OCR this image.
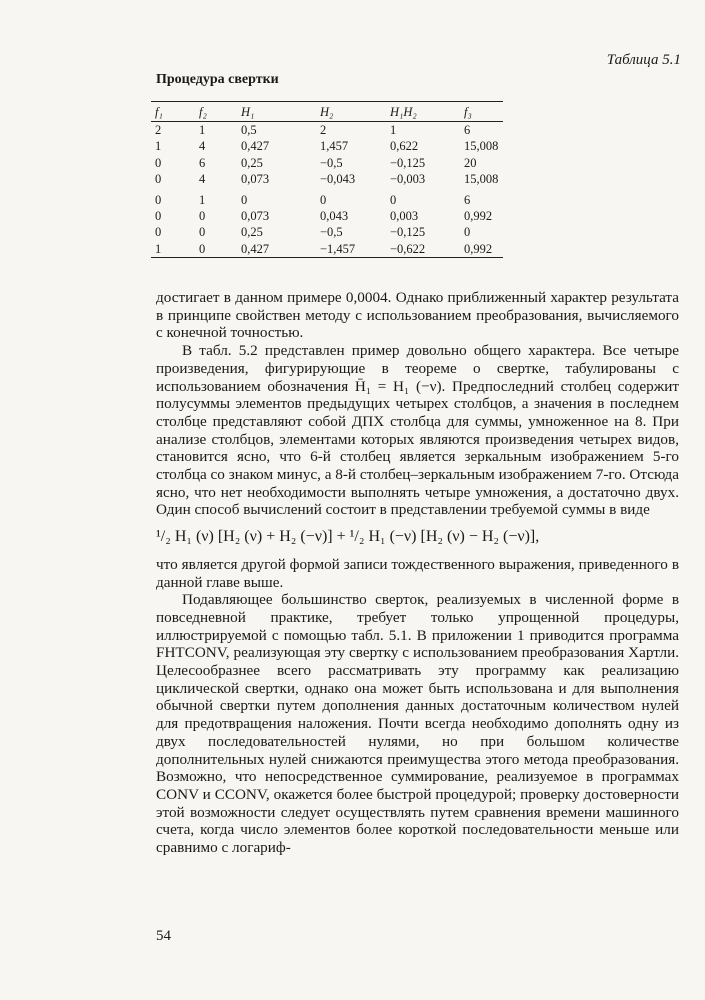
Таблица 5.1
Процедура свертки
f₁	f₂	H₁	H₂	H₁H₂	f₃
2	1	0,5	2	1	6
1	4	0,427	1,457	0,622	15,008
0	6	0,25	−0,5	−0,125	20
0	4	0,073	−0,043	−0,003	15,008
0	1	0	0	0	6
0	0	0,073	0,043	0,003	0,992
0	0	0,25	−0,5	−0,125	0
1	0	0,427	−1,457	−0,622	0,992

достигает в данном примере 0,0004. Однако приближенный характер результата в принципе свойствен методу с использованием преобразования, вычисляемого с конечной точностью.

В табл. 5.2 представлен пример довольно общего характера. Все четыре произведения, фигурирующие в теореме о свертке, табулированы с использованием обозначения H̄₁ = H₁ (−ν). Предпоследний столбец содержит полусуммы элементов предыдущих четырех столбцов, а значения в последнем столбце представляют собой ДПХ столбца для суммы, умноженное на 8. При анализе столбцов, элементами которых являются произведения четырех видов, становится ясно, что 6-й столбец является зеркальным изображением 5-го столбца со знаком минус, а 8-й столбец–зеркальным изображением 7-го. Отсюда ясно, что нет необходимости выполнять четыре умножения, а достаточно двух. Один способ вычислений состоит в представлении требуемой суммы в виде

¹/₂ H₁ (ν) [H₂ (ν) + H₂ (−ν)] + ¹/₂ H₁ (−ν) [H₂ (ν) − H₂ (−ν)],

что является другой формой записи тождественного выражения, приведенного в данной главе выше.

Подавляющее большинство сверток, реализуемых в численной форме в повседневной практике, требует только упрощенной процедуры, иллюстрируемой с помощью табл. 5.1. В приложении 1 приводится программа FHTCONV, реализующая эту свертку с использованием преобразования Хартли. Целесообразнее всего рассматривать эту программу как реализацию циклической свертки, однако она может быть использована и для выполнения обычной свертки путем дополнения данных достаточным количеством нулей для предотвращения наложения. Почти всегда необходимо дополнять одну из двух последовательностей нулями, но при большом количестве дополнительных нулей снижаются преимущества этого метода преобразования. Возможно, что непосредственное суммирование, реализуемое в программах CONV и CCONV, окажется более быстрой процедурой; проверку достоверности этой возможности следует осуществлять путем сравнения времени машинного счета, когда число элементов более короткой последовательности меньше или сравнимо с логариф-

54
